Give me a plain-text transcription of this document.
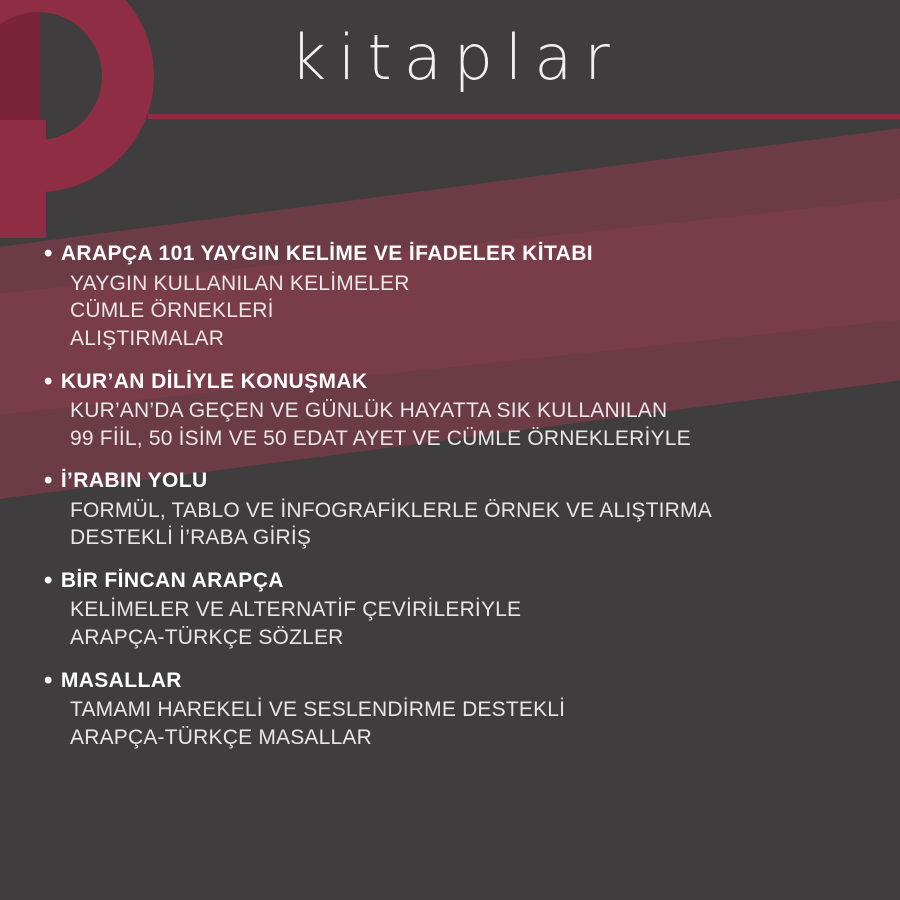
kitaplar
• ARAPÇA 101 YAYGIN KELİME VE İFADELER KİTABI
YAYGIN KULLANILAN KELİMELER
CÜMLE ÖRNEKLERİ
ALIŞTIRMALAR
• KUR’AN DİLİYLE KONUŞMAK
KUR’AN’DA GEÇEN VE GÜNLÜK HAYATTA SIK KULLANILAN
99 FİİL, 50 İSİM VE 50 EDAT AYET VE CÜMLE ÖRNEKLERİYLE
• İ’RABIN YOLU
FORMÜL, TABLO VE İNFOGRAFİKLERLE ÖRNEK VE ALIŞTIRMA
DESTEKLİ İ’RABA GİRİŞ
• BİR FİNCAN ARAPÇA
KELİMELER VE ALTERNATİF ÇEVİRİLERİYLE
ARAPÇA-TÜRKÇE SÖZLER
• MASALLAR
TAMAMI HAREKELİ VE SESLENDİRME DESTEKLİ
ARAPÇA-TÜRKÇE MASALLAR
